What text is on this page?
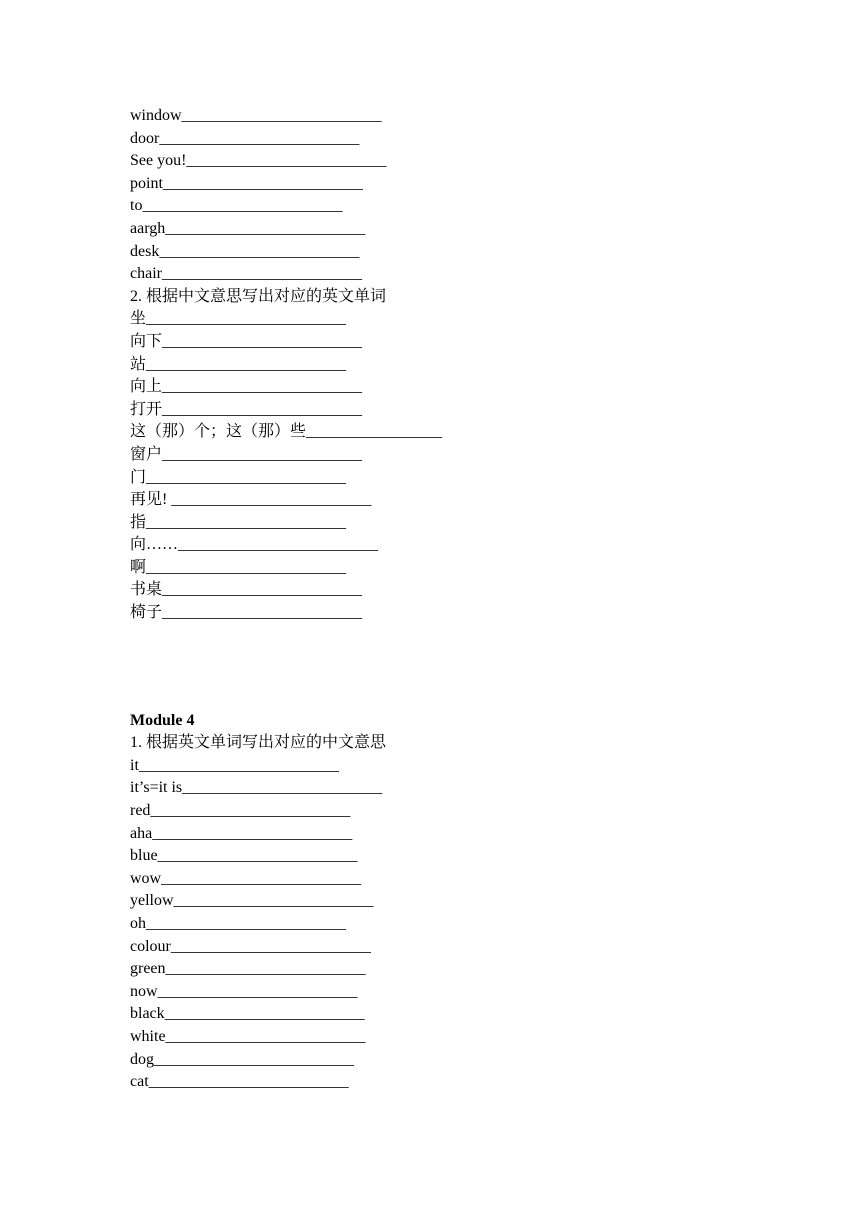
window_________________________
door_________________________
See you!_________________________
point_________________________
to_________________________
aargh_________________________
desk_________________________
chair_________________________
2. 根据中文意思写出对应的英文单词
坐_________________________
向下_________________________
站_________________________
向上_________________________
打开_________________________
这（那）个；这（那）些_________________
窗户_________________________
门_________________________
再见! _________________________
指_________________________
向……_________________________
啊_________________________
书桌_________________________
椅子_________________________
Module 4
1. 根据英文单词写出对应的中文意思
it_________________________
it’s=it is_________________________
red_________________________
aha_________________________
blue_________________________
wow_________________________
yellow_________________________
oh_________________________
colour_________________________
green_________________________
now_________________________
black_________________________
white_________________________
dog_________________________
cat_________________________
